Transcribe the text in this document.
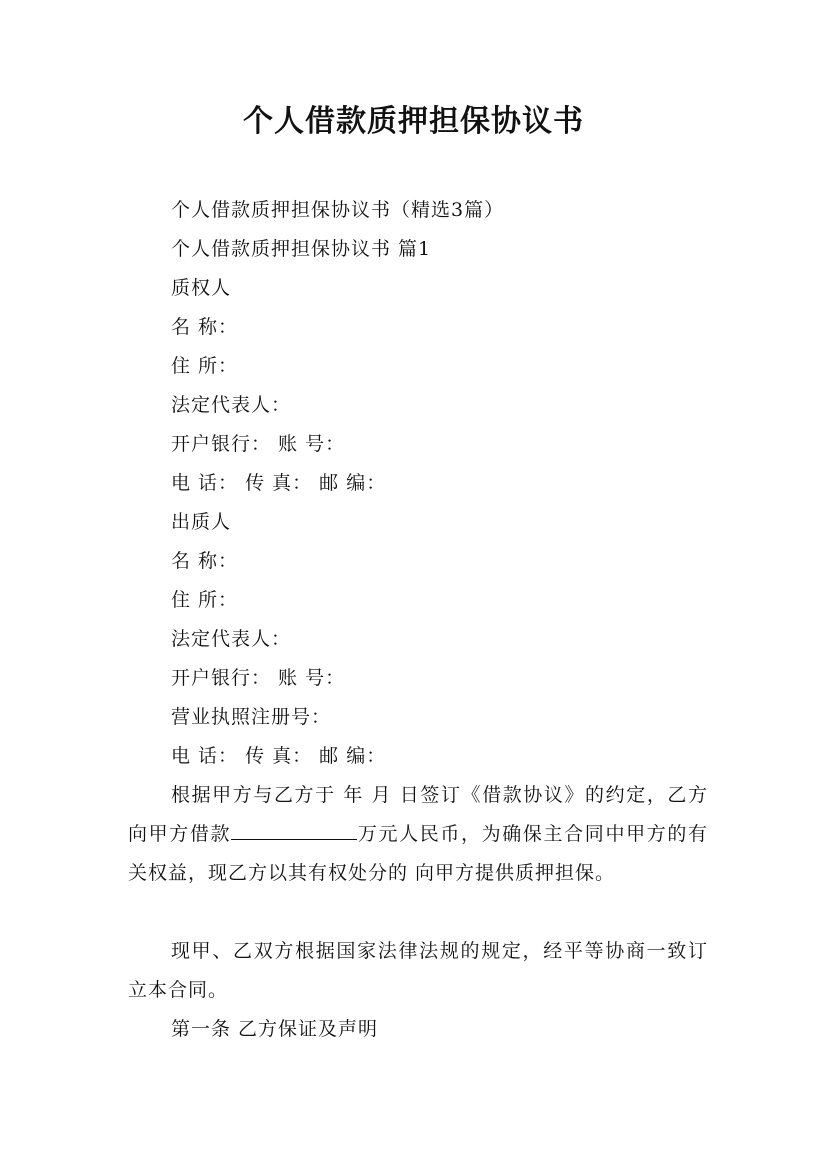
个人借款质押担保协议书
个人借款质押担保协议书（精选3篇）
个人借款质押担保协议书 篇1
质权人
名 称：
住 所：
法定代表人：
开户银行： 账 号：
电 话： 传 真： 邮 编：
出质人
名 称：
住 所：
法定代表人：
开户银行： 账 号：
营业执照注册号：
电 话： 传 真： 邮 编：
根据甲方与乙方于 年 月 日签订《借款协议》的约定，乙方向甲方借款	万元人民币，为确保主合同中甲方的有关权益，现乙方以其有权处分的 向甲方提供质押担保。
现甲、乙双方根据国家法律法规的规定，经平等协商一致订立本合同。
第一条 乙方保证及声明
